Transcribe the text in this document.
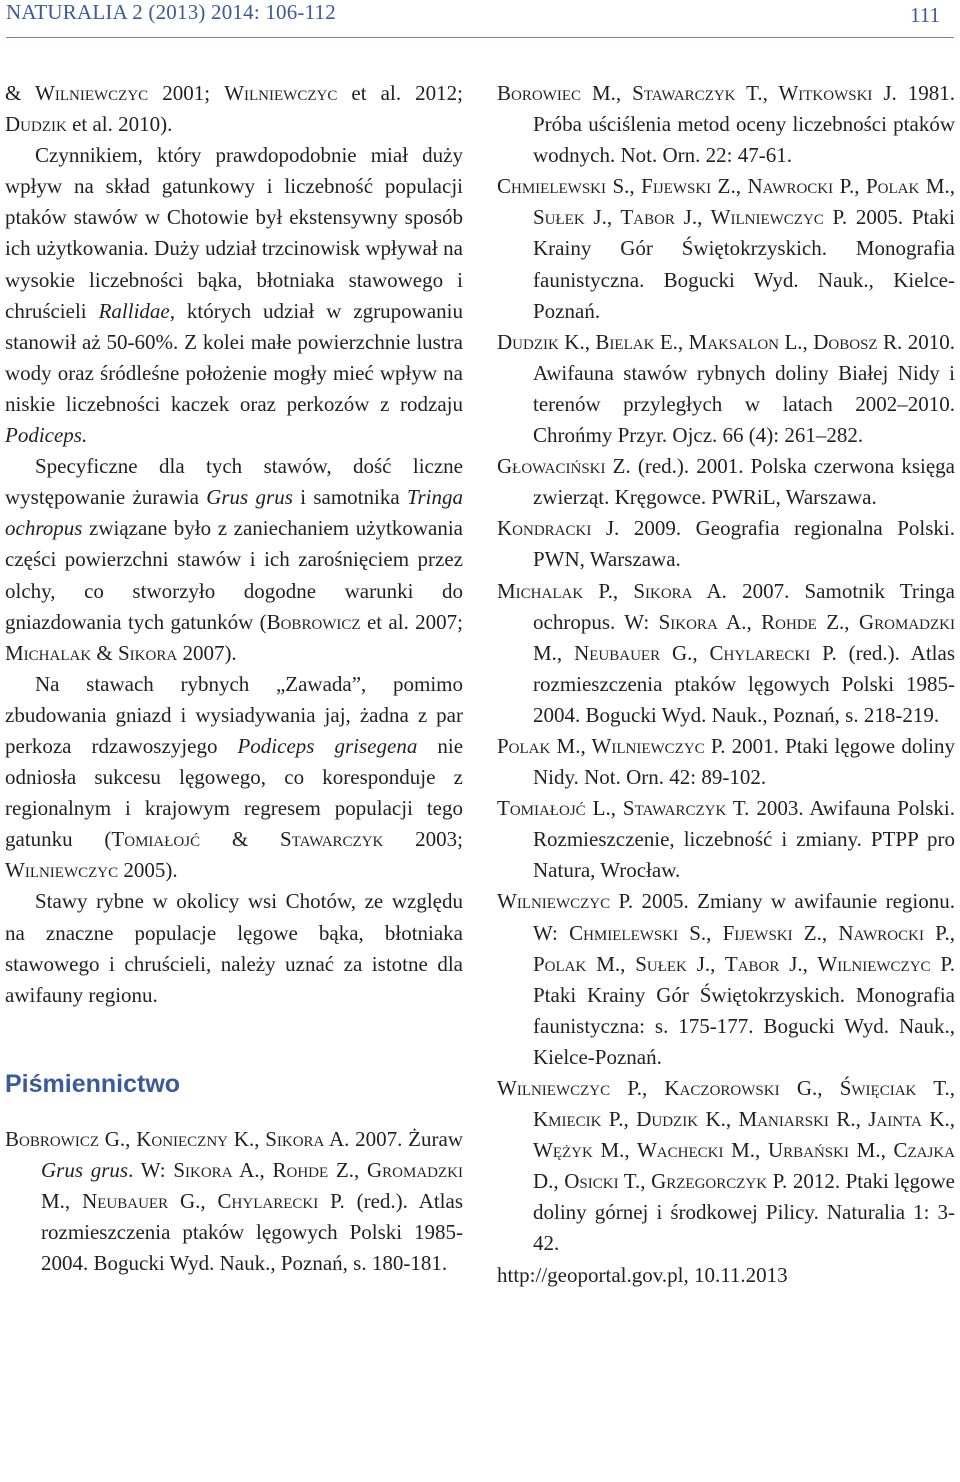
NATURALIA 2 (2013) 2014: 106-112	111

& Wilniewczyc 2001; Wilniewczyc et al. 2012; Dudzik et al. 2010).

Czynnikiem, który prawdopodobnie miał duży wpływ na skład gatunkowy i liczebność populacji ptaków stawów w Chotowie był ekstensywny sposób ich użytkowania. Duży udział trzcinowisk wpływał na wysokie liczebności bąka, błotniaka stawowego i chruścieli Rallidae, których udział w zgrupowaniu stanowił aż 50-60%. Z kolei małe powierzchnie lustra wody oraz śródleśne położenie mogły mieć wpływ na niskie liczebności kaczek oraz perkozów z rodzaju Podiceps.

Specyficzne dla tych stawów, dość liczne występowanie żurawia Grus grus i samotnika Tringa ochropus związane było z zaniechaniem użytkowania części powierzchni stawów i ich zarośnięciem przez olchy, co stworzyło dogodne warunki do gniazdowania tych gatunków (Bobrowicz et al. 2007; Michalak & Sikora 2007).

Na stawach rybnych „Zawada”, pomimo zbudowania gniazd i wysiadywania jaj, żadna z par perkoza rdzawoszyjego Podiceps grisegena nie odniosła sukcesu lęgowego, co koresponduje z regionalnym i krajowym regresem populacji tego gatunku (Tomiałojć & Stawarczyk 2003; Wilniewczyc 2005).

Stawy rybne w okolicy wsi Chotów, ze względu na znaczne populacje lęgowe bąka, błotniaka stawowego i chruścieli, należy uznać za istotne dla awifauny regionu.

Piśmiennictwo

Bobrowicz G., Konieczny K., Sikora A. 2007. Żuraw Grus grus. W: Sikora A., Rohde Z., Gromadzki M., Neubauer G., Chylarecki P. (red.). Atlas rozmieszczenia ptaków lęgowych Polski 1985-2004. Bogucki Wyd. Nauk., Poznań, s. 180-181.

Borowiec M., Stawarczyk T., Witkowski J. 1981. Próba uściślenia metod oceny liczebności ptaków wodnych. Not. Orn. 22: 47-61.

Chmielewski S., Fijewski Z., Nawrocki P., Polak M., Sułek J., Tabor J., Wilniewczyc P. 2005. Ptaki Krainy Gór Świętokrzyskich. Monografia faunistyczna. Bogucki Wyd. Nauk., Kielce-Poznań.

Dudzik K., Bielak E., Maksalon L., Dobosz R. 2010. Awifauna stawów rybnych doliny Białej Nidy i terenów przyległych w latach 2002–2010. Chrońmy Przyr. Ojcz. 66 (4): 261–282.

Głowaciński Z. (red.). 2001. Polska czerwona księga zwierząt. Kręgowce. PWRiL, Warszawa.

Kondracki J. 2009. Geografia regionalna Polski. PWN, Warszawa.

Michalak P., Sikora A. 2007. Samotnik Tringa ochropus. W: Sikora A., Rohde Z., Gromadzki M., Neubauer G., Chylarecki P. (red.). Atlas rozmieszczenia ptaków lęgowych Polski 1985-2004. Bogucki Wyd. Nauk., Poznań, s. 218-219.

Polak M., Wilniewczyc P. 2001. Ptaki lęgowe doliny Nidy. Not. Orn. 42: 89-102.

Tomiałojć L., Stawarczyk T. 2003. Awifauna Polski. Rozmieszczenie, liczebność i zmiany. PTPP pro Natura, Wrocław.

Wilniewczyc P. 2005. Zmiany w awifaunie regionu. W: Chmielewski S., Fijewski Z., Nawrocki P., Polak M., Sułek J., Tabor J., Wilniewczyc P. Ptaki Krainy Gór Świętokrzyskich. Monografia faunistyczna: s. 175-177. Bogucki Wyd. Nauk., Kielce-Poznań.

Wilniewczyc P., Kaczorowski G., Święciak T., Kmiecik P., Dudzik K., Maniarski R., Jainta K., Wężyk M., Wachecki M., Urbański M., Czajka D., Osicki T., Grzegorczyk P. 2012. Ptaki lęgowe doliny górnej i środkowej Pilicy. Naturalia 1: 3-42.

http://geoportal.gov.pl, 10.11.2013
